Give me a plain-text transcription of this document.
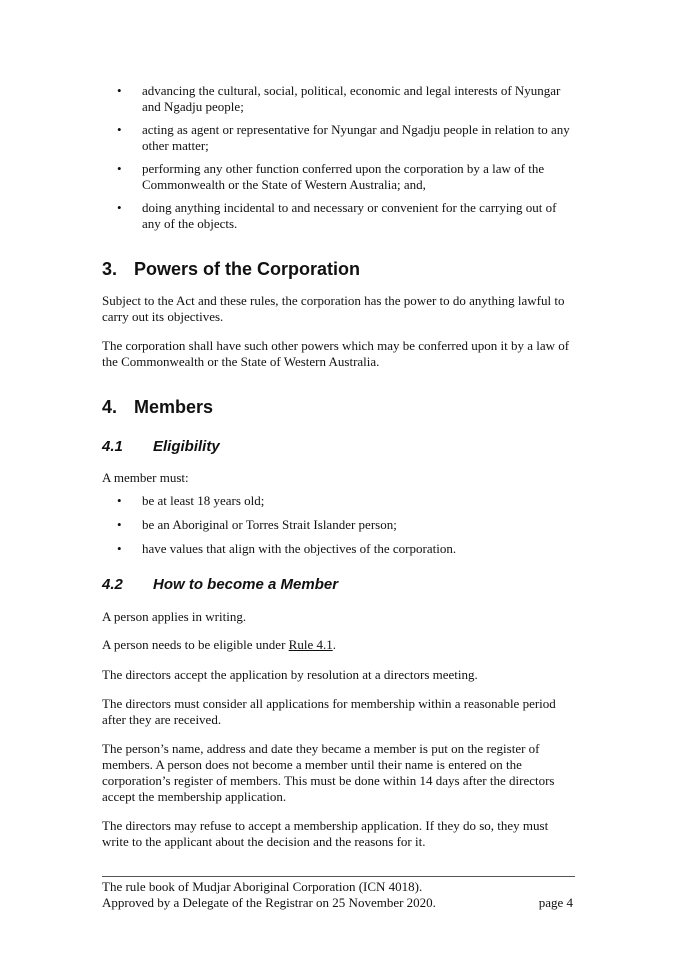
• advancing the cultural, social, political, economic and legal interests of Nyungar and Ngadju people;
• acting as agent or representative for Nyungar and Ngadju people in relation to any other matter;
• performing any other function conferred upon the corporation by a law of the Commonwealth or the State of Western Australia; and,
• doing anything incidental to and necessary or convenient for the carrying out of any of the objects.
3. Powers of the Corporation

Subject to the Act and these rules, the corporation has the power to do anything lawful to carry out its objectives.

The corporation shall have such other powers which may be conferred upon it by a law of the Commonwealth or the State of Western Australia.

4. Members
4.1 Eligibility

A member must:

• be at least 18 years old;
• be an Aboriginal or Torres Strait Islander person;
• have values that align with the objectives of the corporation.
4.2 How to become a Member

A person applies in writing.

A person needs to be eligible under Rule 4.1.

The directors accept the application by resolution at a directors meeting.

The directors must consider all applications for membership within a reasonable period after they are received.

The person’s name, address and date they became a member is put on the register of members. A person does not become a member until their name is entered on the corporation’s register of members. This must be done within 14 days after the directors accept the membership application.

The directors may refuse to accept a membership application. If they do so, they must write to the applicant about the decision and the reasons for it.

The rule book of Mudjar Aboriginal Corporation (ICN 4018).

Approved by a Delegate of the Registrar on 25 November 2020.	page 4
